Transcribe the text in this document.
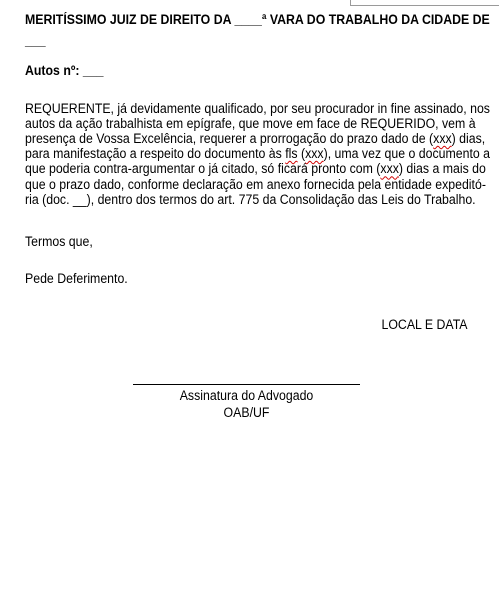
MERITÍSSIMO JUIZ DE DIREITO DA ____ª VARA DO TRABALHO DA CIDADE DE
___
Autos nº: ___
REQUERENTE, já devidamente qualificado, por seu procurador in fine assinado, nos
autos da ação trabalhista em epígrafe, que move em face de REQUERIDO, vem à
presença de Vossa Excelência, requerer a prorrogação do prazo dado de (xxx) dias,
para manifestação a respeito do documento às fls (xxx), uma vez que o documento a
que poderia contra-argumentar o já citado, só ficará pronto com (xxx) dias a mais do
que o prazo dado, conforme declaração em anexo fornecida pela entidade expeditó-
ria (doc. __), dentro dos termos do art. 775 da Consolidação das Leis do Trabalho.
Termos que,
Pede Deferimento.
LOCAL E DATA
Assinatura do Advogado
OAB/UF
